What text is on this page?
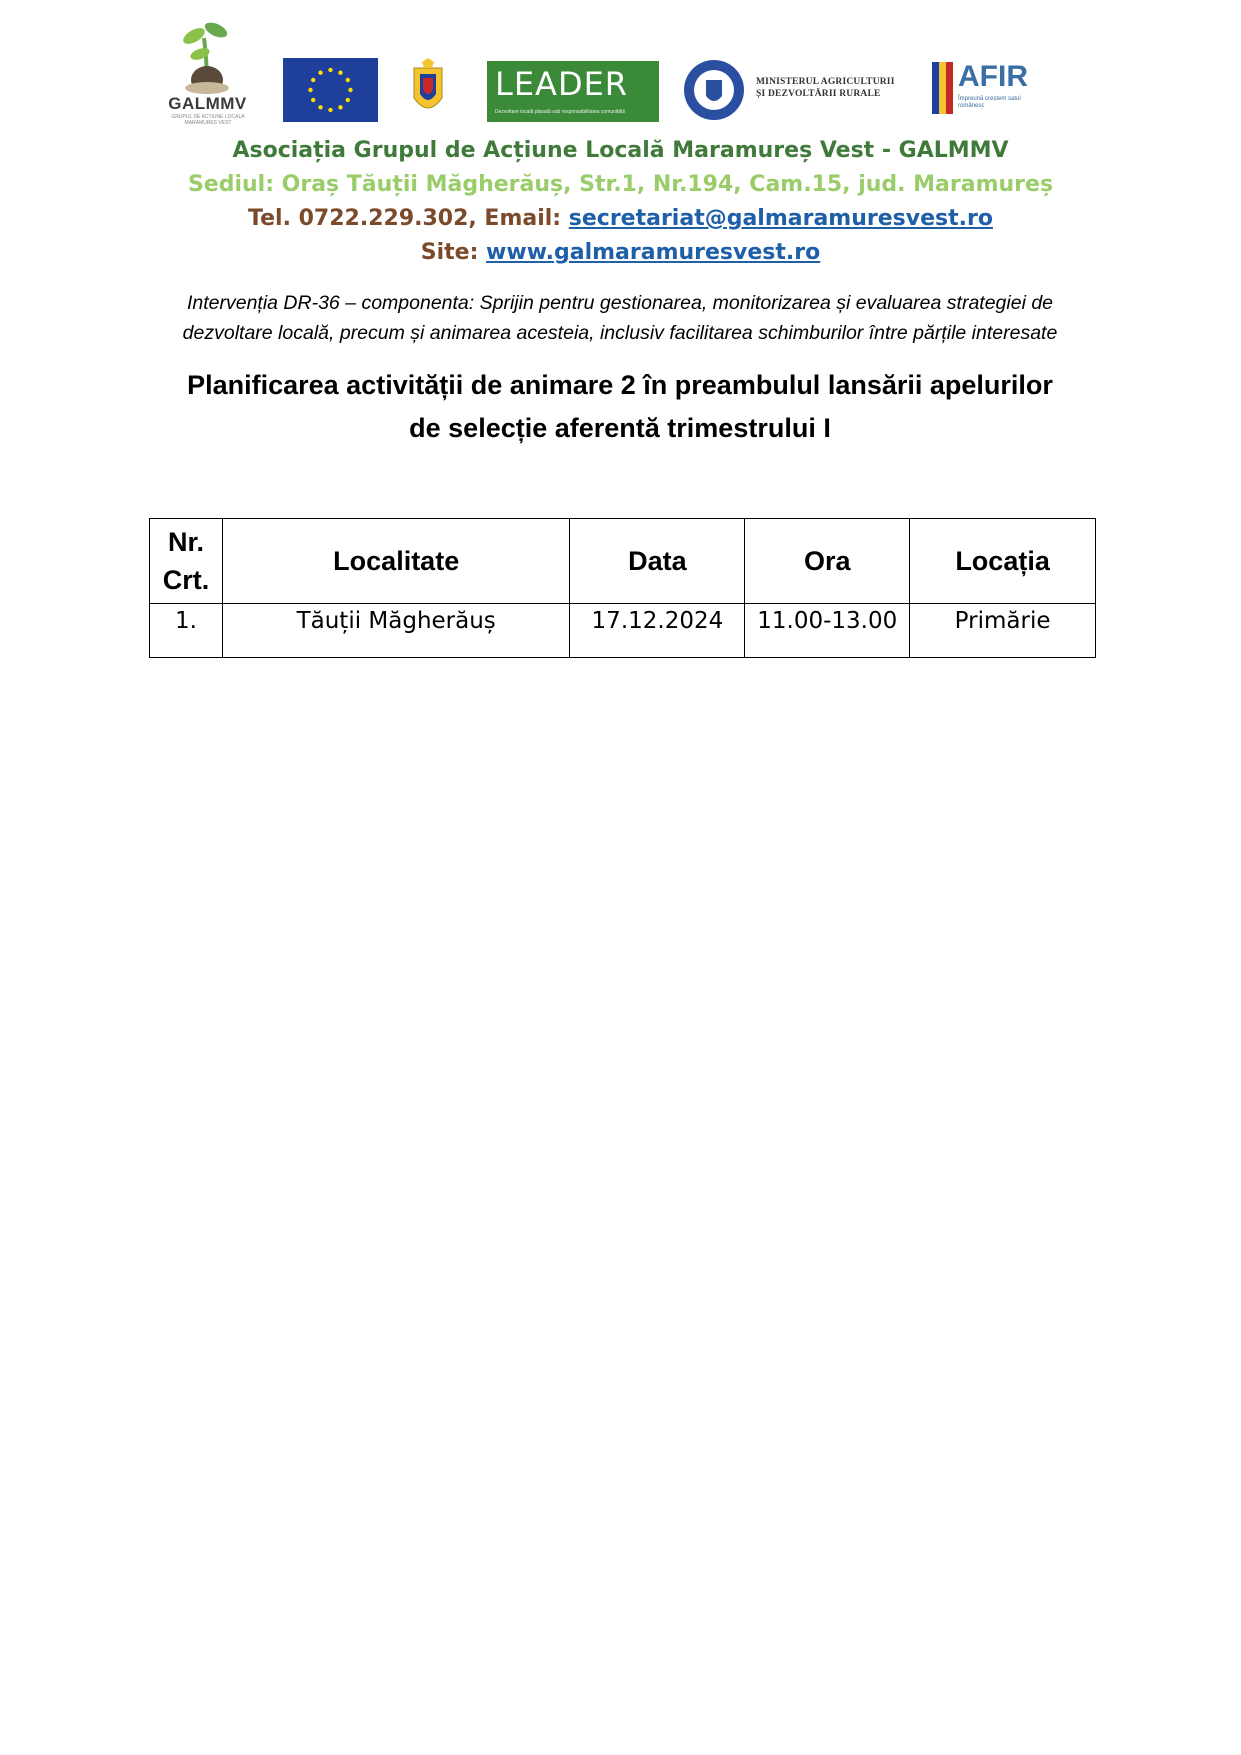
GALMMV
GRUPUL DE ACTIUNE LOCALA MARAMURES VEST
LEADER
Dezvoltare locală plasată sub responsabilitatea comunității
MINISTERUL AGRICULTURII
ȘI DEZVOLTĂRII RURALE
AFIR
Împreună creștem satul românesc
Asociația Grupul de Acțiune Locală Maramureș Vest - GALMMV
Sediul: Oraș Tăuții Măgherăuș, Str.1, Nr.194, Cam.15, jud. Maramureș
Tel. 0722.229.302, Email: secretariat@galmaramuresvest.ro
Site: www.galmaramuresvest.ro
Intervenția DR-36 – componenta: Sprijin pentru gestionarea, monitorizarea și evaluarea strategiei de
dezvoltare locală, precum și animarea acesteia, inclusiv facilitarea schimburilor între părțile interesate
Planificarea activității de animare 2 în preambulul lansării apelurilor
de selecție aferentă trimestrului I
Nr.
Crt.	Localitate	Data	Ora	Locația
1.	Tăuții Măgherăuș	17.12.2024	11.00-13.00	Primărie
